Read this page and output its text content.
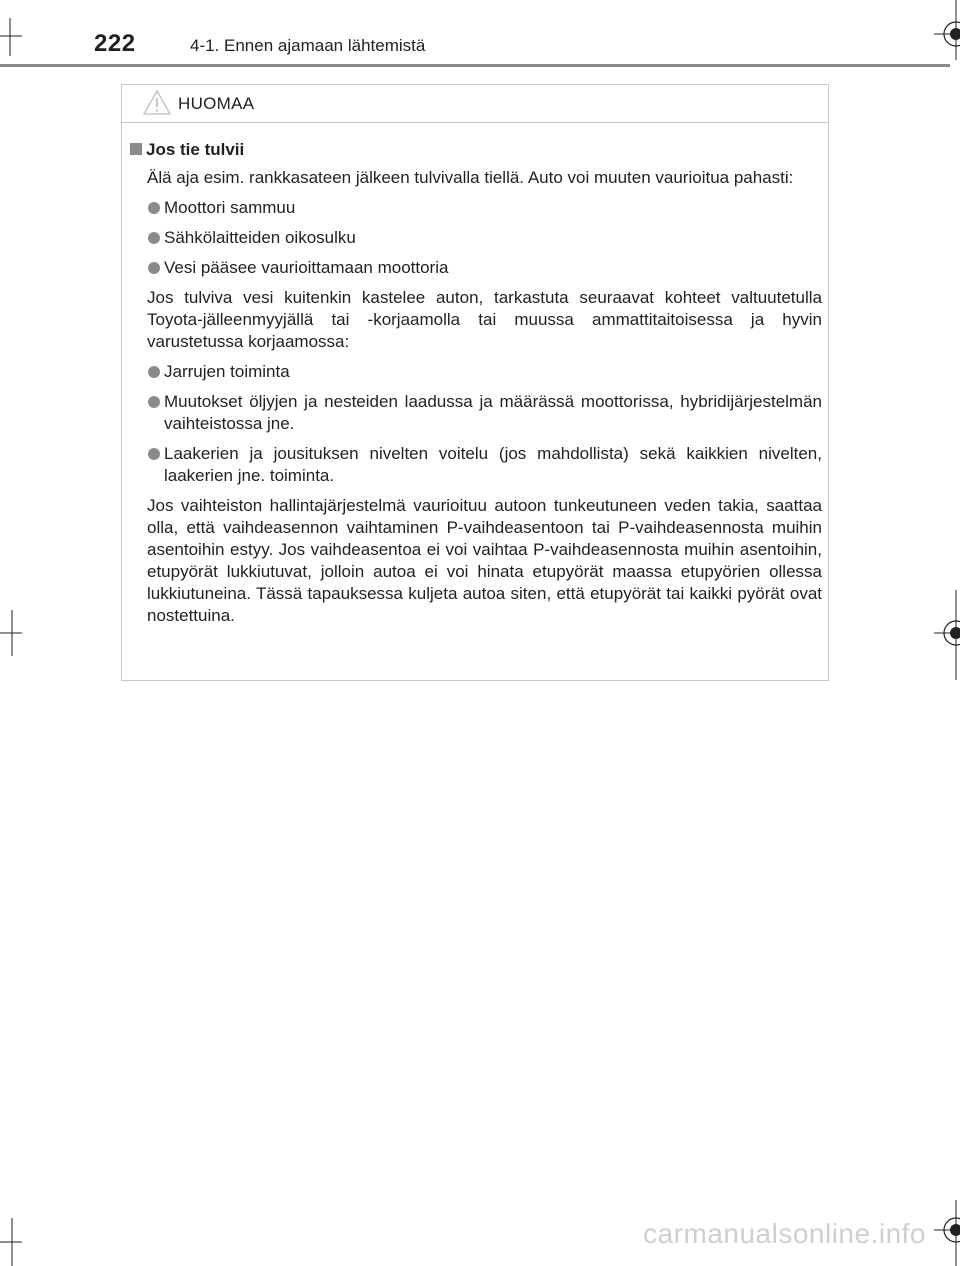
222	4-1. Ennen ajamaan lähtemistä
HUOMAA
Jos tie tulvii
Älä aja esim. rankkasateen jälkeen tulvivalla tiellä. Auto voi muuten vaurioitua pahasti:
Moottori sammuu
Sähkölaitteiden oikosulku
Vesi pääsee vaurioittamaan moottoria
Jos tulviva vesi kuitenkin kastelee auton, tarkastuta seuraavat kohteet valtuutetulla Toyota-jälleenmyyjällä tai -korjaamolla tai muussa ammattitaitoisessa ja hyvin varustetussa korjaamossa:
Jarrujen toiminta
Muutokset öljyjen ja nesteiden laadussa ja määrässä moottorissa, hybridijärjestelmän vaihteistossa jne.
Laakerien ja jousituksen nivelten voitelu (jos mahdollista) sekä kaikkien nivelten, laakerien jne. toiminta.
Jos vaihteiston hallintajärjestelmä vaurioituu autoon tunkeutuneen veden takia, saattaa olla, että vaihdeasennon vaihtaminen P-vaihdeasentoon tai P-vaihdeasennosta muihin asentoihin estyy. Jos vaihdeasentoa ei voi vaihtaa P-vaihdeasennosta muihin asentoihin, etupyörät lukkiutuvat, jolloin autoa ei voi hinata etupyörät maassa etupyörien ollessa lukkiutuneina. Tässä tapauksessa kuljeta autoa siten, että etupyörät tai kaikki pyörät ovat nostettuina.
carmanualsonline.info
